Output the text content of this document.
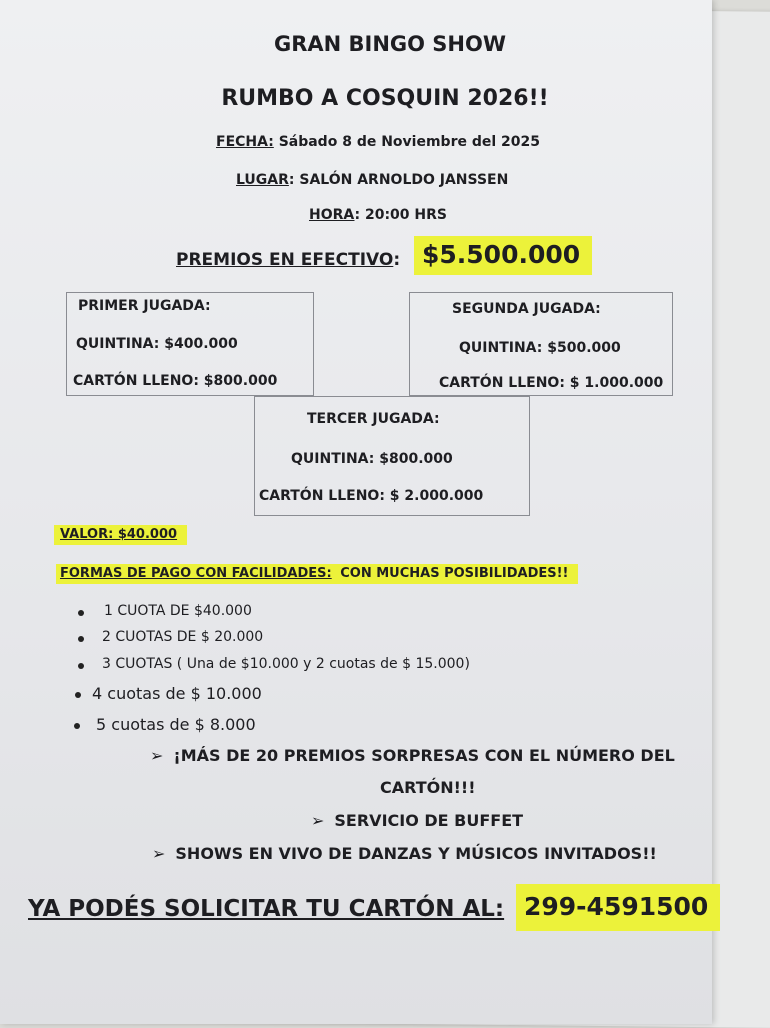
GRAN BINGO SHOW
RUMBO A COSQUIN 2026!!
FECHA: Sábado 8 de Noviembre del 2025
LUGAR: SALÓN ARNOLDO JANSSEN
HORA: 20:00 HRS
PREMIOS EN EFECTIVO: $5.500.000
PRIMER JUGADA:
QUINTINA: $400.000
CARTÓN LLENO: $800.000
SEGUNDA JUGADA:
QUINTINA: $500.000
CARTÓN LLENO: $ 1.000.000
TERCER JUGADA:
QUINTINA: $800.000
CARTÓN LLENO: $ 2.000.000
VALOR: $40.000
FORMAS DE PAGO CON FACILIDADES: CON MUCHAS POSIBILIDADES!!
1 CUOTA DE $40.000
2 CUOTAS DE $ 20.000
3 CUOTAS ( Una de $10.000 y 2 cuotas de $ 15.000)
4 cuotas de $ 10.000
5 cuotas de $ 8.000
➢ ¡MÁS DE 20 PREMIOS SORPRESAS CON EL NÚMERO DEL
CARTÓN!!!
➢ SERVICIO DE BUFFET
➢ SHOWS EN VIVO DE DANZAS Y MÚSICOS INVITADOS!!
YA PODÉS SOLICITAR TU CARTÓN AL: 299-4591500
